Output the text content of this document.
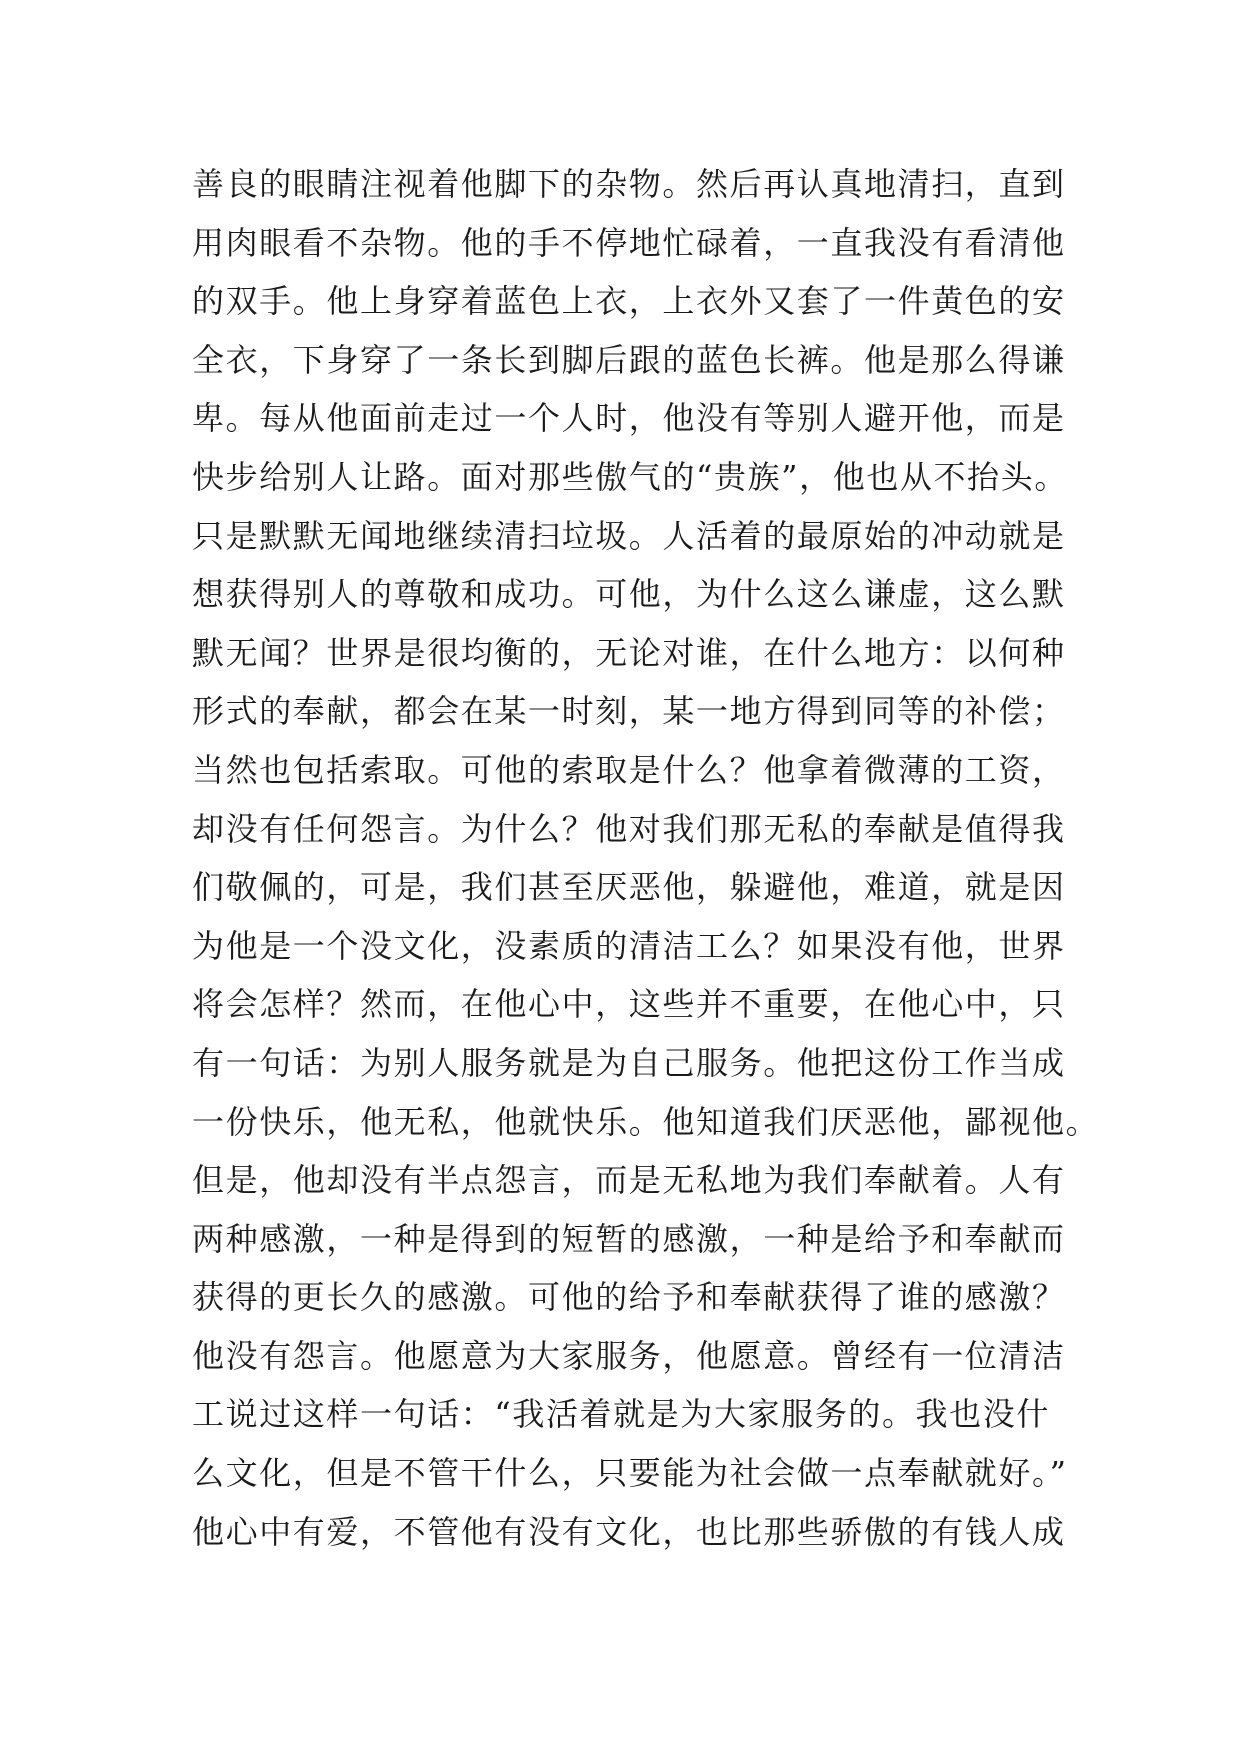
善良的眼睛注视着他脚下的杂物。然后再认真地清扫，直到
用肉眼看不杂物。他的手不停地忙碌着，一直我没有看清他
的双手。他上身穿着蓝色上衣，上衣外又套了一件黄色的安
全衣，下身穿了一条长到脚后跟的蓝色长裤。他是那么得谦
卑。每从他面前走过一个人时，他没有等别人避开他，而是
快步给别人让路。面对那些傲气的“贵族”，他也从不抬头。
只是默默无闻地继续清扫垃圾。人活着的最原始的冲动就是
想获得别人的尊敬和成功。可他，为什么这么谦虚，这么默
默无闻？世界是很均衡的，无论对谁，在什么地方：以何种
形式的奉献，都会在某一时刻，某一地方得到同等的补偿；
当然也包括索取。可他的索取是什么？他拿着微薄的工资，
却没有任何怨言。为什么？他对我们那无私的奉献是值得我
们敬佩的，可是，我们甚至厌恶他，躲避他，难道，就是因
为他是一个没文化，没素质的清洁工么？如果没有他，世界
将会怎样？然而，在他心中，这些并不重要，在他心中，只
有一句话：为别人服务就是为自己服务。他把这份工作当成
一份快乐，他无私，他就快乐。他知道我们厌恶他，鄙视他。
但是，他却没有半点怨言，而是无私地为我们奉献着。人有
两种感激，一种是得到的短暂的感激，一种是给予和奉献而
获得的更长久的感激。可他的给予和奉献获得了谁的感激？
他没有怨言。他愿意为大家服务，他愿意。曾经有一位清洁
工说过这样一句话：“我活着就是为大家服务的。我也没什
么文化，但是不管干什么，只要能为社会做一点奉献就好。”
他心中有爱，不管他有没有文化，也比那些骄傲的有钱人成
